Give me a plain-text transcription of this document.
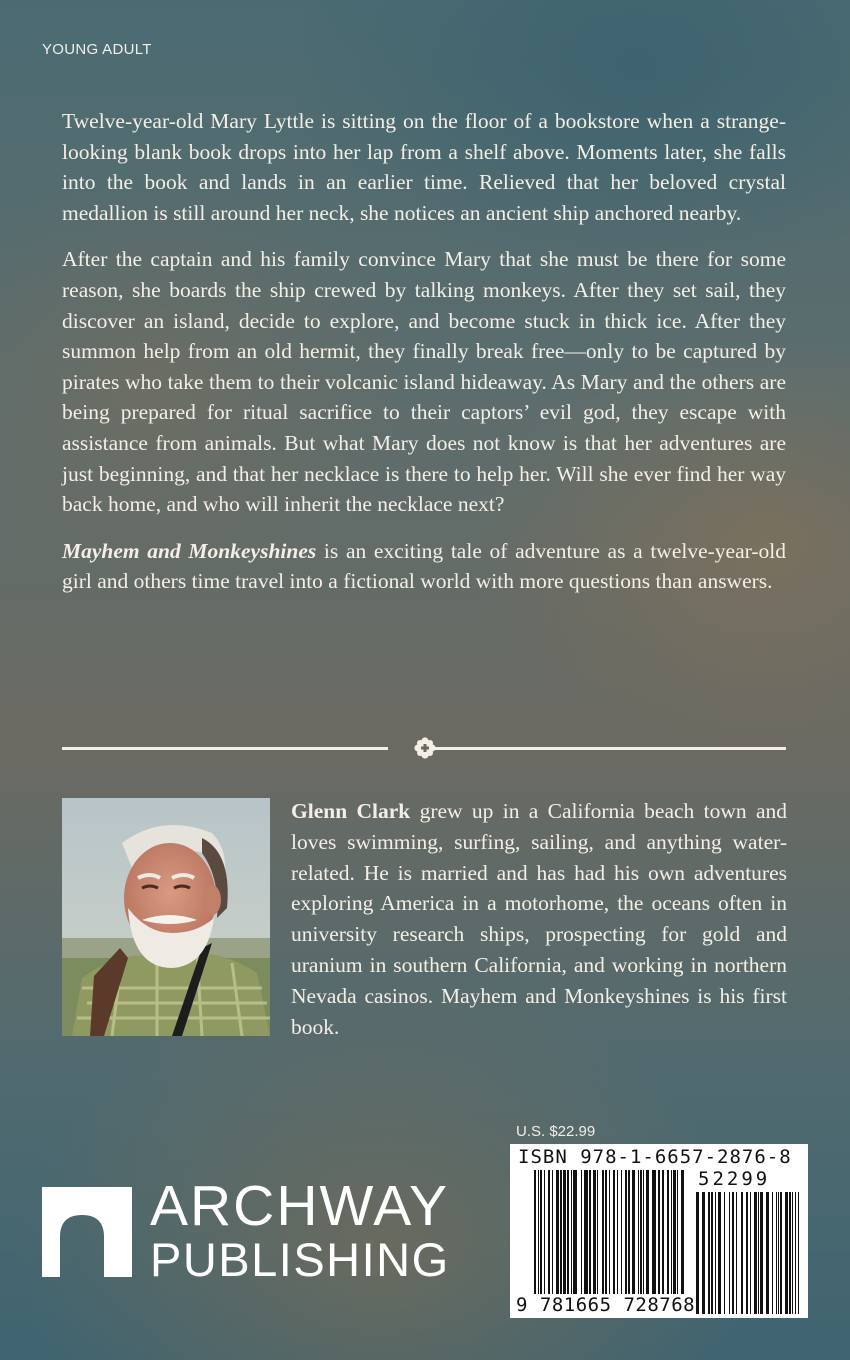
YOUNG ADULT

Twelve-year-old Mary Lyttle is sitting on the floor of a bookstore when a strange-looking blank book drops into her lap from a shelf above. Moments later, she falls into the book and lands in an earlier time. Relieved that her beloved crystal medallion is still around her neck, she notices an ancient ship anchored nearby.

After the captain and his family convince Mary that she must be there for some reason, she boards the ship crewed by talking monkeys. After they set sail, they discover an island, decide to explore, and become stuck in thick ice. After they summon help from an old hermit, they finally break free—only to be captured by pirates who take them to their volcanic island hideaway. As Mary and the others are being prepared for ritual sacrifice to their captors’ evil god, they escape with assistance from animals. But what Mary does not know is that her adventures are just beginning, and that her necklace is there to help her. Will she ever find her way back home, and who will inherit the necklace next?

Mayhem and Monkeyshines is an exciting tale of adventure as a twelve-year-old girl and others time travel into a fictional world with more questions than answers.

Glenn Clark grew up in a California beach town and loves swimming, surfing, sailing, and anything water-related. He is married and has had his own adventures exploring America in a motorhome, the oceans often in university research ships, prospecting for gold and uranium in southern California, and working in northern Nevada casinos. Mayhem and Monkeyshines is his first book.

ARCHWAY
PUBLISHING
U.S. $22.99
ISBN 978-1-6657-2876-8
52299
9 781665 728768
